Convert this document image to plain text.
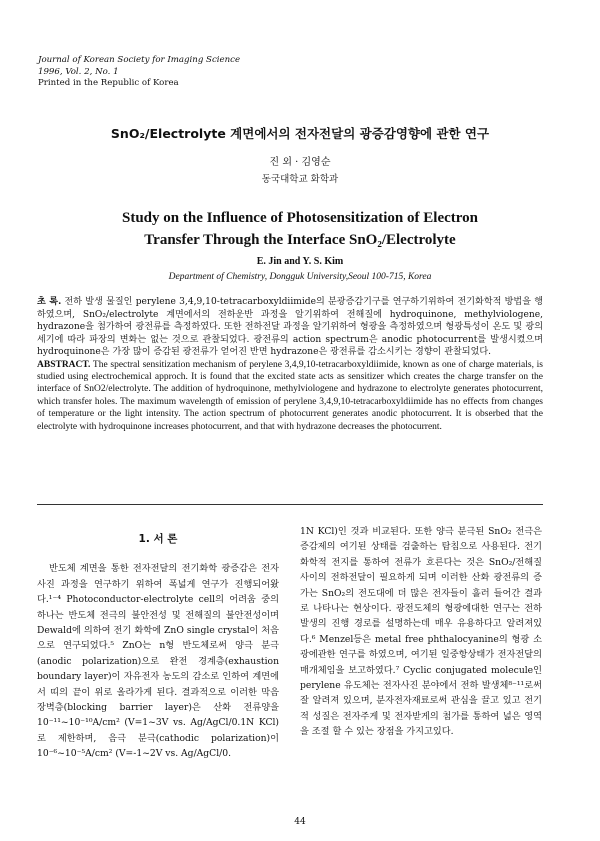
Journal of Korean Society for Imaging Science
1996, Vol. 2, No. 1
Printed in the Republic of Korea
SnO₂/Electrolyte 계면에서의 전자전달의 광증감영향에 관한 연구
진 외 · 김영순
동국대학교 화학과
Study on the Influence of Photosensitization of Electron
Transfer Through the Interface SnO₂/Electrolyte
E. Jin and Y. S. Kim
Department of Chemistry, Dongguk University,Seoul 100-715, Korea

초 록. 전하 발생 물질인 perylene 3,4,9,10-tetracarboxyldiimide의 분광증감기구를 연구하기위하여 전기화학적 방법을 행하였으며, SnO₂/electrolyte 계면에서의 전하운반 과정을 알기위하여 전해질에 hydroquinone, methylviologene, hydrazone을 첨가하여 광전류를 측정하였다. 또한 전하전달 과정을 알기위하여 형광을 측정하였으며 형광특성이 온도 및 광의 세기에 따라 파장의 변화는 없는 것으로 관찰되었다. 광전류의 action spectrum은 anodic photocurrent를 발생시켰으며 hydroquinone은 가장 많이 증감된 광전류가 얻어진 반면 hydrazone은 광전류를 감소시키는 경향이 관찰되었다.

ABSTRACT. The spectral sensitization mechanism of perylene 3,4,9,10-tetracarboxyldiimide, known as one of charge materials, is studied using electrochemical approch. It is found that the excited state acts as sensitizer which creates the charge transfer on the interface of SnO2/electrolyte. The addition of hydroquinone, methylviologene and hydrazone to electrolyte generates photocurrent, which transfer holes. The maximum wavelength of emission of perylene 3,4,9,10-tetracarboxyldiimide has no effects from changes of temperature or the light intensity. The action spectrum of photocurrent generates anodic photocurrent. It is obserbed that the electrolyte with hydroquinone increases photocurrent, and that with hydrazone decreases the photocurrent.

1. 서 론

반도체 계면을 통한 전자전달의 전기화학 광증감은 전자사진 과정을 연구하기 위하여 폭넓게 연구가 진행되어왔다.¹⁻⁴ Photoconductor-electrolyte cell의 어려움 중의 하나는 반도체 전극의 불안전성 및 전해질의 불안전성이며 Dewald에 의하여 전기 화학에 ZnO single crystal이 처음으로 연구되었다.⁵ ZnO는 n형 반도체로써 양극 분극(anodic polarization)으로 완전 경계층(exhaustion boundary layer)이 자유전자 농도의 감소로 인하여 계면에서 띠의 끝이 위로 올라가게 된다. 결과적으로 이러한 막음 장벽층(blocking barrier layer)은 산화 전류양을 10⁻¹¹~10⁻¹⁰A/cm² (V=1~3V vs. Ag/AgCl/0.1N KCl)로 제한하며, 음극 분극(cathodic polarization)이 10⁻⁶~10⁻⁵A/cm² (V=-1~2V vs. Ag/AgCl/0.

1N KCl)인 것과 비교된다. 또한 양극 분극된 SnO₂ 전극은 증감제의 여기된 상태를 검출하는 탐침으로 사용된다. 전기 화학적 전지를 통하여 전류가 흐른다는 것은 SnO₂/전해질 사이의 전하전달이 필요하게 되며 이러한 산화 광전류의 증가는 SnO₂의 전도대에 더 많은 전자들이 흘러 들어간 결과로 나타나는 현상이다. 광전도체의 형광에대한 연구는 전하발생의 진행 경로를 설명하는데 매우 유용하다고 알려져있다.⁶ Menzel등은 metal free phthalocyanine의 형광 소광에관한 연구를 하였으며, 여기된 일중항상태가 전자전달의 매개체임을 보고하였다.⁷ Cyclic conjugated molecule인 perylene 유도체는 전자사진 분야에서 전하 발생체⁸⁻¹¹로써 잘 알려져 있으며, 분자전자재료로써 관심을 끌고 있고 전기적 성질은 전자주게 및 전자받게의 첨가를 통하여 넓은 영역을 조절 할 수 있는 장점을 가지고있다.

44
